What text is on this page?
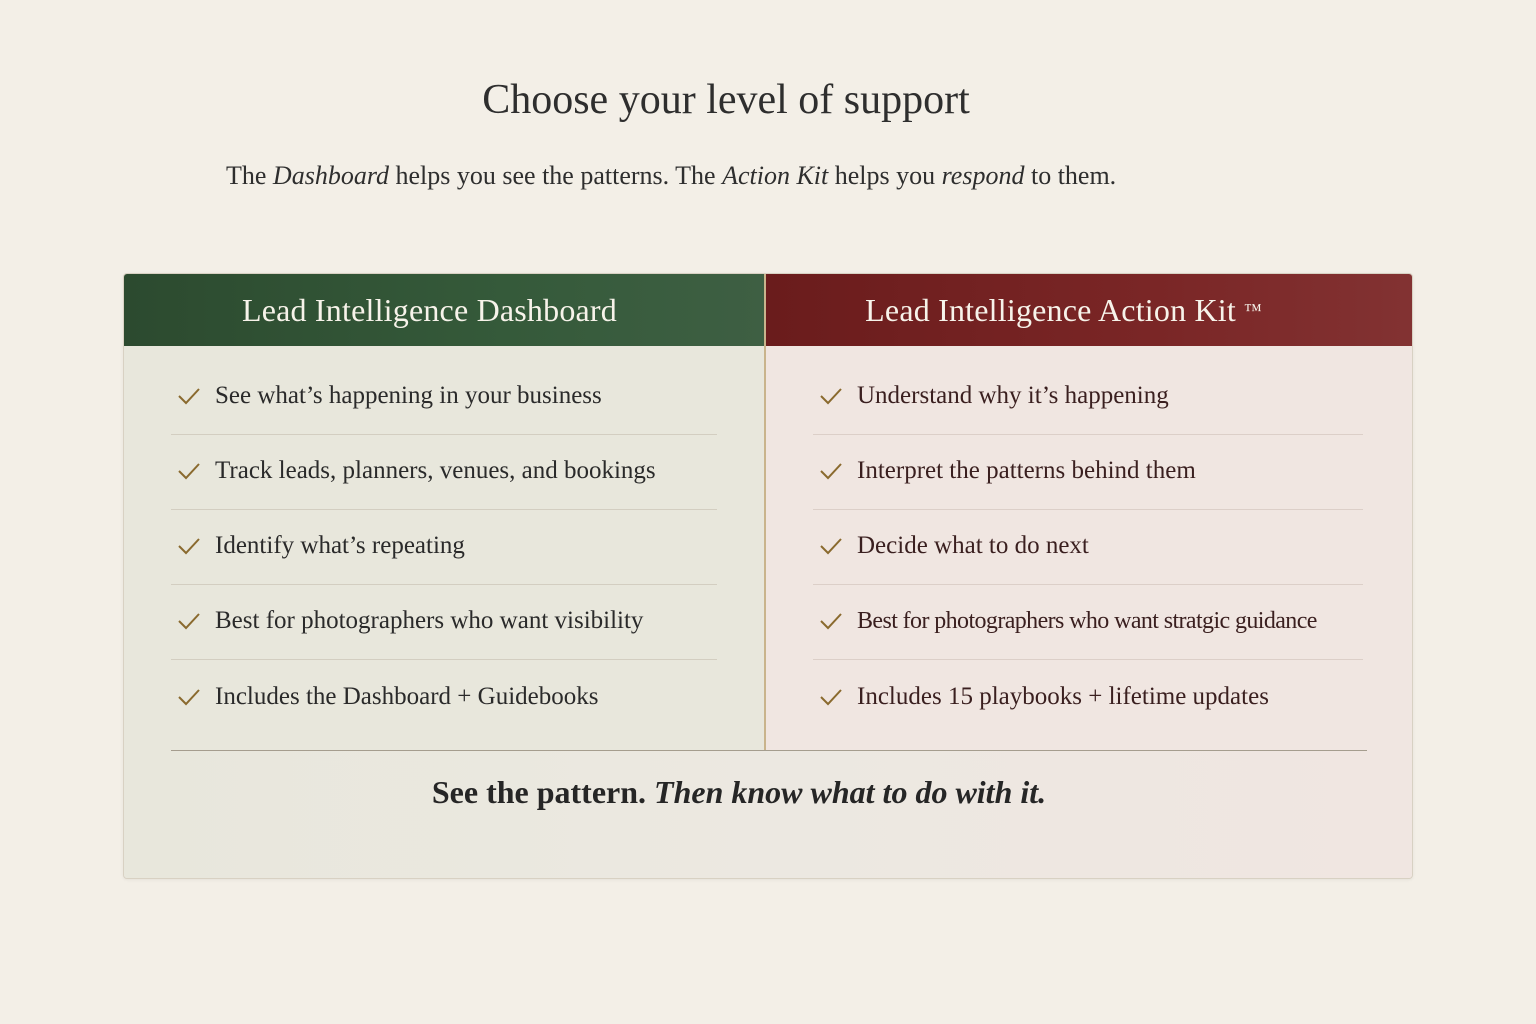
Choose your level of support
The Dashboard helps you see the patterns. The Action Kit helps you respond to them.
Lead Intelligence Dashboard
See what’s happening in your business
Track leads, planners, venues, and bookings
Identify what’s repeating
Best for photographers who want visibility
Includes the Dashboard + Guidebooks
Lead Intelligence Action Kit ™
Understand why it’s happening
Interpret the patterns behind them
Decide what to do next
Best for photographers who want stratgic guidance
Includes 15 playbooks + lifetime updates
See the pattern. Then know what to do with it.
